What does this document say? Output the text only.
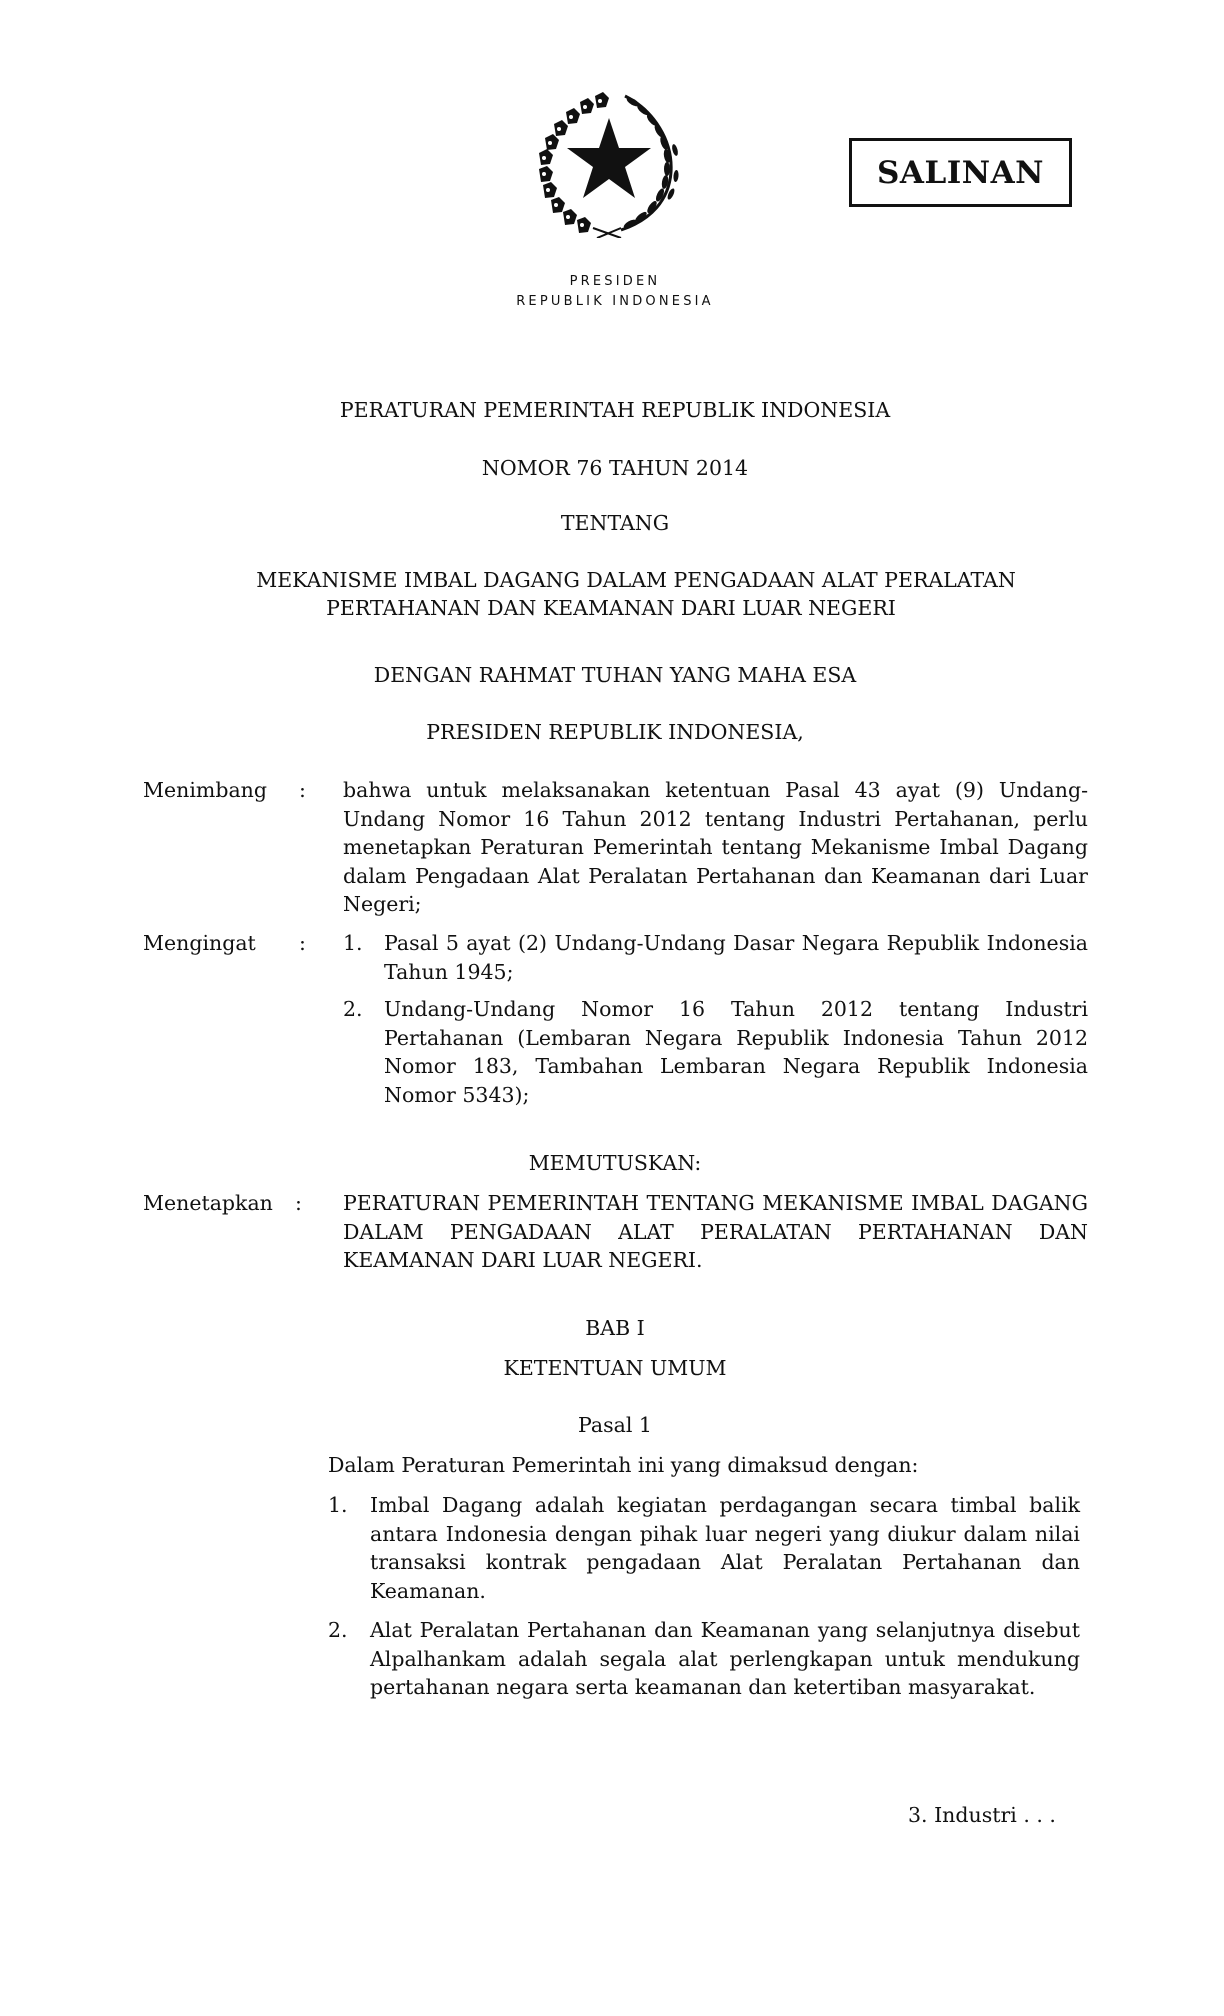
PRESIDEN
REPUBLIK INDONESIA
SALINAN
PERATURAN PEMERINTAH REPUBLIK INDONESIA
NOMOR 76 TAHUN 2014
TENTANG
MEKANISME IMBAL DAGANG DALAM PENGADAAN ALAT PERALATAN
PERTAHANAN DAN KEAMANAN DARI LUAR NEGERI
DENGAN RAHMAT TUHAN YANG MAHA ESA
PRESIDEN REPUBLIK INDONESIA,
Menimbang : bahwa untuk melaksanakan ketentuan Pasal 43 ayat (9) Undang-Undang Nomor 16 Tahun 2012 tentang Industri Pertahanan, perlu menetapkan Peraturan Pemerintah tentang Mekanisme Imbal Dagang dalam Pengadaan Alat Peralatan Pertahanan dan Keamanan dari Luar Negeri;

Mengingat : 1.	Pasal 5 ayat (2) Undang-Undang Dasar Negara Republik Indonesia Tahun 1945;

2.	Undang-Undang Nomor 16 Tahun 2012 tentang Industri Pertahanan (Lembaran Negara Republik Indonesia Tahun 2012 Nomor 183, Tambahan Lembaran Negara Republik Indonesia Nomor 5343);

MEMUTUSKAN:
Menetapkan : PERATURAN PEMERINTAH TENTANG MEKANISME IMBAL DAGANG DALAM PENGADAAN ALAT PERALATAN PERTAHANAN DAN KEAMANAN DARI LUAR NEGERI.

BAB I
KETENTUAN UMUM
Pasal 1
Dalam Peraturan Pemerintah ini yang dimaksud dengan:
1.	Imbal Dagang adalah kegiatan perdagangan secara timbal balik antara Indonesia dengan pihak luar negeri yang diukur dalam nilai transaksi kontrak pengadaan Alat Peralatan Pertahanan dan Keamanan.

2.	Alat Peralatan Pertahanan dan Keamanan yang selanjutnya disebut Alpalhankam adalah segala alat perlengkapan untuk mendukung pertahanan negara serta keamanan dan ketertiban masyarakat.

3. Industri . . .
